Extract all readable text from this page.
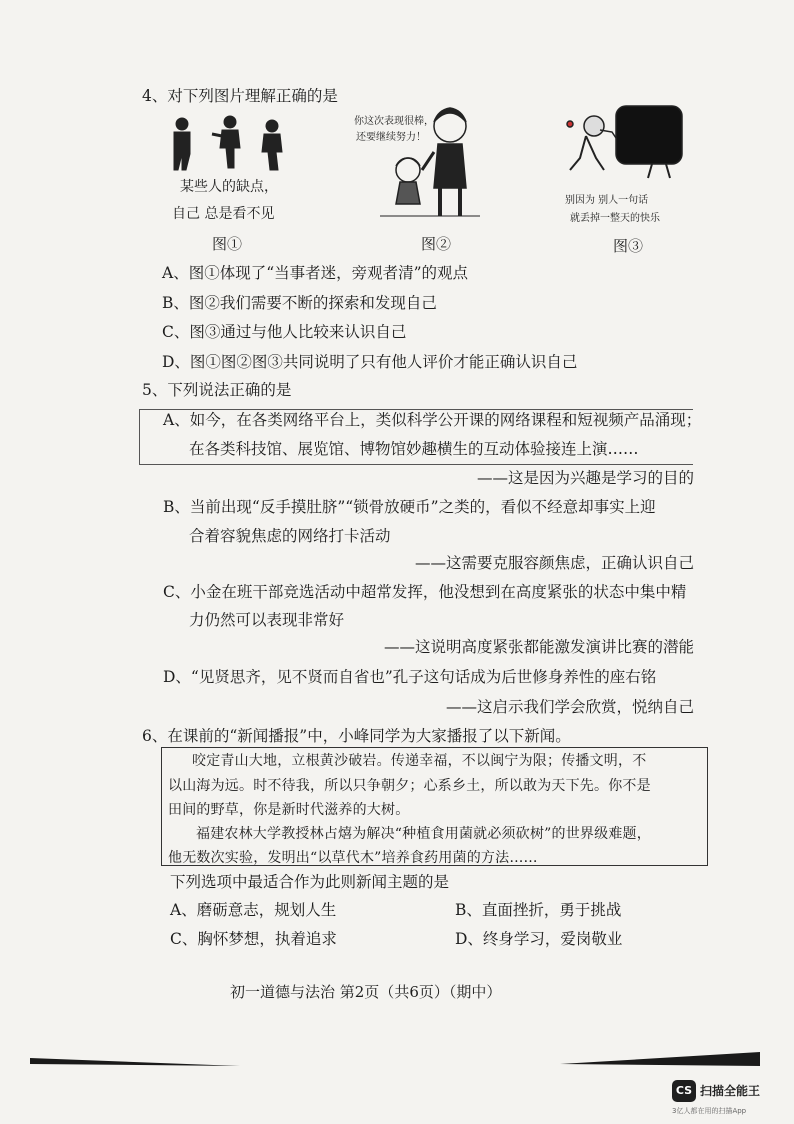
4、对下列图片理解正确的是
某些人的缺点，
自己 总是看不见
你这次表现很棒，
还要继续努力！
别因为 别人一句话
就丢掉一整天的快乐
图①	图②	图③
A、图①体现了“当事者迷，旁观者清”的观点
B、图②我们需要不断的探索和发现自己
C、图③通过与他人比较来认识自己
D、图①图②图③共同说明了只有他人评价才能正确认识自己
5、下列说法正确的是
A、如今，在各类网络平台上，类似科学公开课的网络课程和短视频产品涌现；
在各类科技馆、展览馆、博物馆妙趣横生的互动体验接连上演……
——这是因为兴趣是学习的目的
B、当前出现“反手摸肚脐”“锁骨放硬币”之类的，看似不经意却事实上迎
合着容貌焦虑的网络打卡活动
——这需要克服容颜焦虑，正确认识自己
C、小金在班干部竞选活动中超常发挥，他没想到在高度紧张的状态中集中精
力仍然可以表现非常好
——这说明高度紧张都能激发演讲比赛的潜能
D、“见贤思齐，见不贤而自省也”孔子这句话成为后世修身养性的座右铭
——这启示我们学会欣赏，悦纳自己
6、在课前的“新闻播报”中，小峰同学为大家播报了以下新闻。
咬定青山大地，立根黄沙破岩。传递幸福，不以闽宁为限；传播文明，不
以山海为远。时不待我，所以只争朝夕；心系乡土，所以敢为天下先。你不是
田间的野草，你是新时代滋养的大树。
福建农林大学教授林占熺为解决“种植食用菌就必须砍树”的世界级难题，
他无数次实验，发明出“以草代木”培养食药用菌的方法……
下列选项中最适合作为此则新闻主题的是
A、磨砺意志，规划人生	B、直面挫折，勇于挑战
C、胸怀梦想，执着追求	D、终身学习，爱岗敬业
初一道德与法治 第2页（共6页）（期中）
CS 扫描全能王
3亿人都在用的扫描App
